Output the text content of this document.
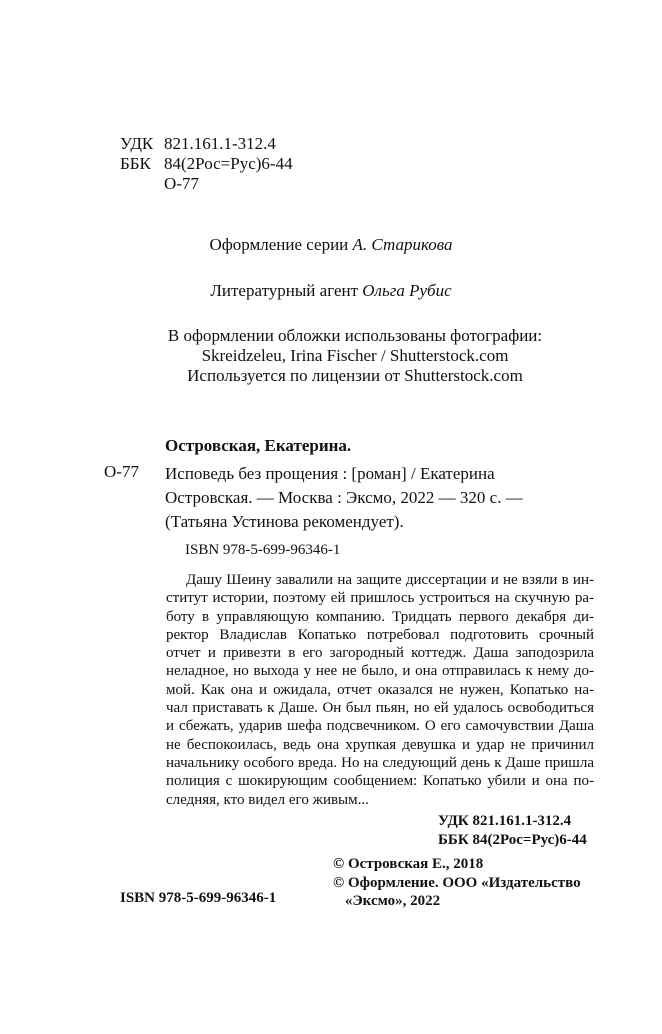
УДК 821.161.1-312.4
ББК 84(2Рос=Рус)6-44
О-77
Оформление серии А. Старикова
Литературный агент Ольга Рубис
В оформлении обложки использованы фотографии:
Skreidzeleu, Irina Fischer / Shutterstock.com
Используется по лицензии от Shutterstock.com
Островская, Екатерина.
О-77 Исповедь без прощения : [роман] / Екатерина
Островская. — Москва : Эксмо, 2022 — 320 с. —
(Татьяна Устинова рекомендует).
ISBN 978-5-699-96346-1

Дашу Шеину завалили на защите диссертации и не взяли в ин-

ститут истории, поэтому ей пришлось устроиться на скучную ра-

боту в управляющую компанию. Тридцать первого декабря ди-

ректор Владислав Копатько потребовал подготовить срочный

отчет и привезти в его загородный коттедж. Даша заподозрила

неладное, но выхода у нее не было, и она отправилась к нему до-

мой. Как она и ожидала, отчет оказался не нужен, Копатько на-

чал приставать к Даше. Он был пьян, но ей удалось освободиться

и сбежать, ударив шефа подсвечником. О его самочувствии Даша

не беспокоилась, ведь она хрупкая девушка и удар не причинил

начальнику особого вреда. Но на следующий день к Даше пришла

полиция с шокирующим сообщением: Копатько убили и она по-

следняя, кто видел его живым...

УДК 821.161.1-312.4
ББК 84(2Рос=Рус)6-44
ISBN 978-5-699-96346-1
© Островская Е., 2018
© Оформление. ООО «Издательство
«Эксмо», 2022
